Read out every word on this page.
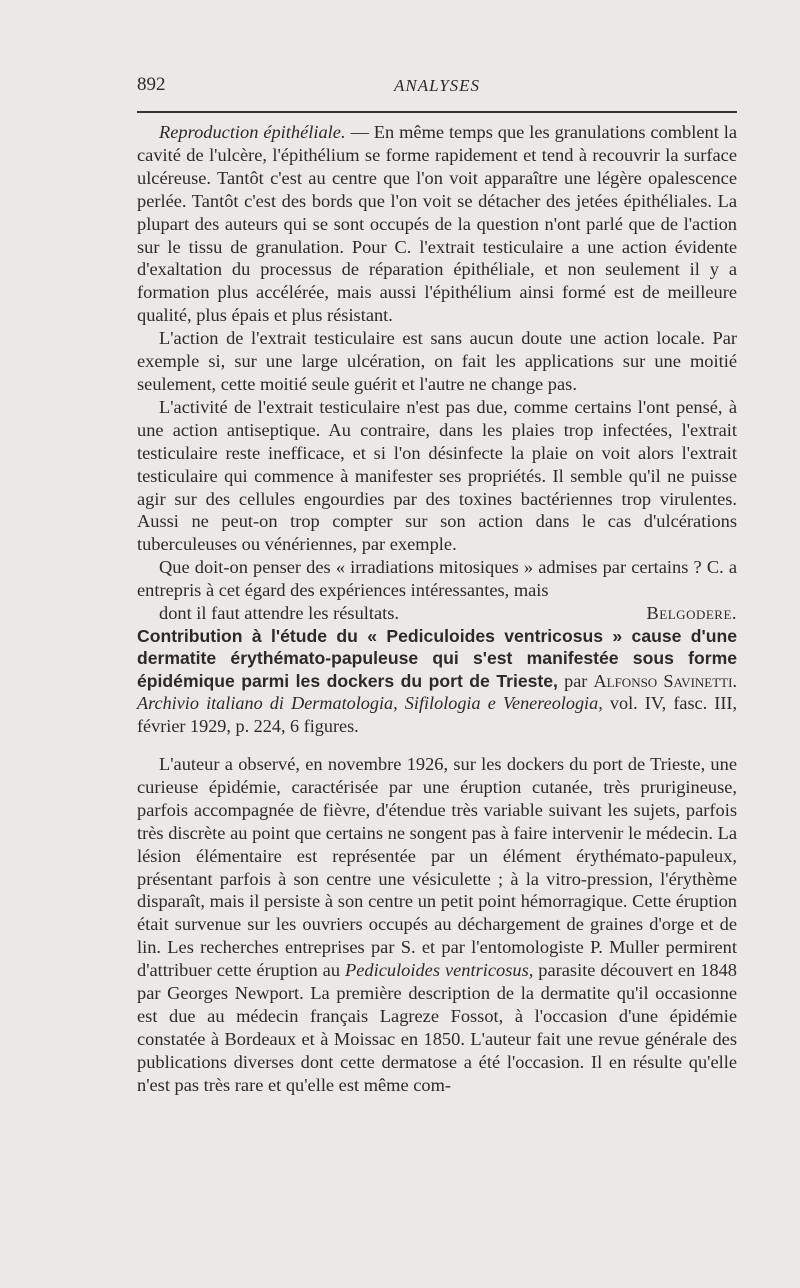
892	ANALYSES

Reproduction épithéliale. — En même temps que les granulations comblent la cavité de l'ulcère, l'épithélium se forme rapidement et tend à recouvrir la surface ulcéreuse. Tantôt c'est au centre que l'on voit apparaître une légère opalescence perlée. Tantôt c'est des bords que l'on voit se détacher des jetées épithéliales. La plupart des auteurs qui se sont occupés de la question n'ont parlé que de l'action sur le tissu de granulation. Pour C. l'extrait testiculaire a une action évidente d'exaltation du processus de réparation épithéliale, et non seulement il y a formation plus accélérée, mais aussi l'épithélium ainsi formé est de meilleure qualité, plus épais et plus résistant.

L'action de l'extrait testiculaire est sans aucun doute une action locale. Par exemple si, sur une large ulcération, on fait les applications sur une moitié seulement, cette moitié seule guérit et l'autre ne change pas.

L'activité de l'extrait testiculaire n'est pas due, comme certains l'ont pensé, à une action antiseptique. Au contraire, dans les plaies trop infectées, l'extrait testiculaire reste inefficace, et si l'on désinfecte la plaie on voit alors l'extrait testiculaire qui commence à manifester ses propriétés. Il semble qu'il ne puisse agir sur des cellules engourdies par des toxines bactériennes trop virulentes. Aussi ne peut-on trop compter sur son action dans le cas d'ulcérations tuberculeuses ou vénériennes, par exemple.

Que doit-on penser des « irradiations mitosiques » admises par certains ? C. a entrepris à cet égard des expériences intéressantes, mais

dont il faut attendre les résultats.	Belgodere.

Contribution à l'étude du « Pediculoides ventricosus » cause d'une dermatite érythémato-papuleuse qui s'est manifestée sous forme épidémique parmi les dockers du port de Trieste, par Alfonso Savinetti. Archivio italiano di Dermatologia, Sifilologia e Venereologia, vol. IV, fasc. III, février 1929, p. 224, 6 figures.

L'auteur a observé, en novembre 1926, sur les dockers du port de Trieste, une curieuse épidémie, caractérisée par une éruption cutanée, très prurigineuse, parfois accompagnée de fièvre, d'étendue très variable suivant les sujets, parfois très discrète au point que certains ne songent pas à faire intervenir le médecin. La lésion élémentaire est représentée par un élément érythémato-papuleux, présentant parfois à son centre une vésiculette ; à la vitro-pression, l'érythème disparaît, mais il persiste à son centre un petit point hémorragique. Cette éruption était survenue sur les ouvriers occupés au déchargement de graines d'orge et de lin. Les recherches entreprises par S. et par l'entomologiste P. Muller permirent d'attribuer cette éruption au Pediculoides ventricosus, parasite découvert en 1848 par Georges Newport. La première description de la dermatite qu'il occasionne est due au médecin français Lagreze Fossot, à l'occasion d'une épidémie constatée à Bordeaux et à Moissac en 1850. L'auteur fait une revue générale des publications diverses dont cette dermatose a été l'occasion. Il en résulte qu'elle n'est pas très rare et qu'elle est même com-
